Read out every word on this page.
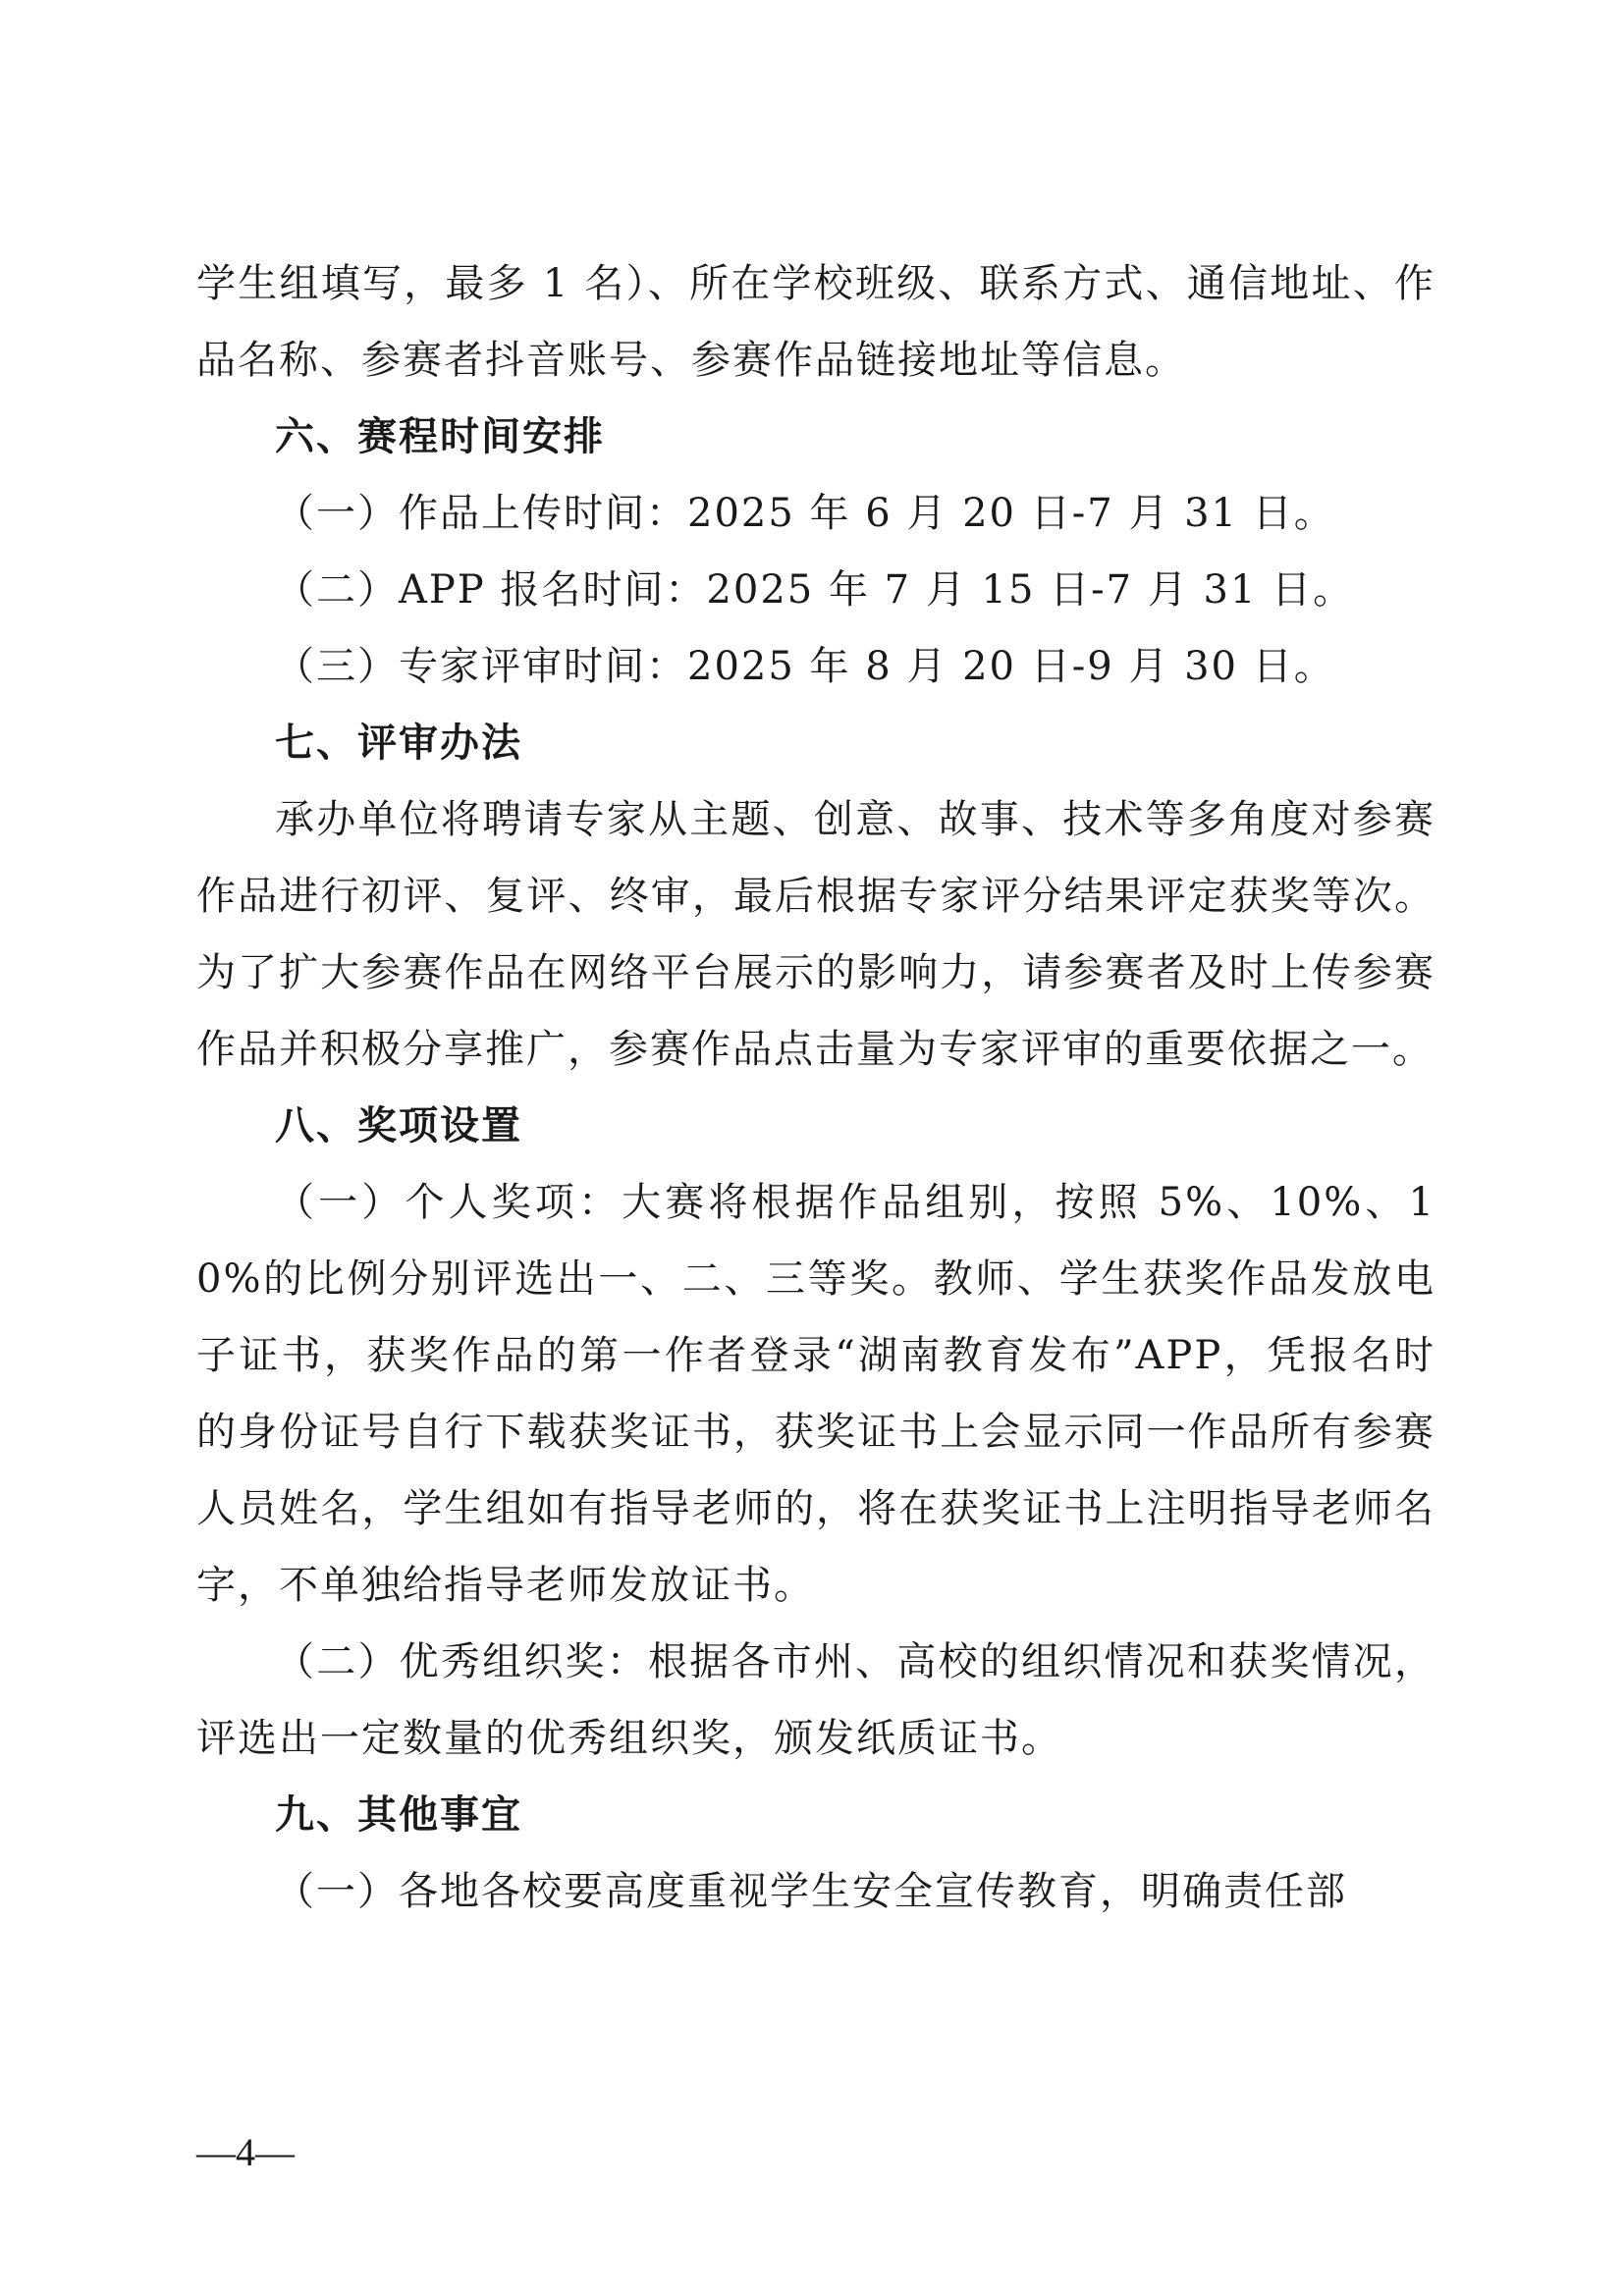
学生组填写，最多 1 名）、所在学校班级、联系方式、通信地址、作品名称、参赛者抖音账号、参赛作品链接地址等信息。

六、赛程时间安排

（一）作品上传时间：2025 年 6 月 20 日-7 月 31 日。

（二）APP 报名时间：2025 年 7 月 15 日-7 月 31 日。

（三）专家评审时间：2025 年 8 月 20 日-9 月 30 日。

七、评审办法

承办单位将聘请专家从主题、创意、故事、技术等多角度对参赛作品进行初评、复评、终审，最后根据专家评分结果评定获奖等次。为了扩大参赛作品在网络平台展示的影响力，请参赛者及时上传参赛作品并积极分享推广，参赛作品点击量为专家评审的重要依据之一。

八、奖项设置

（一）个人奖项：大赛将根据作品组别，按照 5%、10%、10%的比例分别评选出一、二、三等奖。教师、学生获奖作品发放电子证书，获奖作品的第一作者登录“湖南教育发布”APP，凭报名时的身份证号自行下载获奖证书，获奖证书上会显示同一作品所有参赛人员姓名，学生组如有指导老师的，将在获奖证书上注明指导老师名字，不单独给指导老师发放证书。

（二）优秀组织奖：根据各市州、高校的组织情况和获奖情况，评选出一定数量的优秀组织奖，颁发纸质证书。

九、其他事宜

（一）各地各校要高度重视学生安全宣传教育，明确责任部

—4—
